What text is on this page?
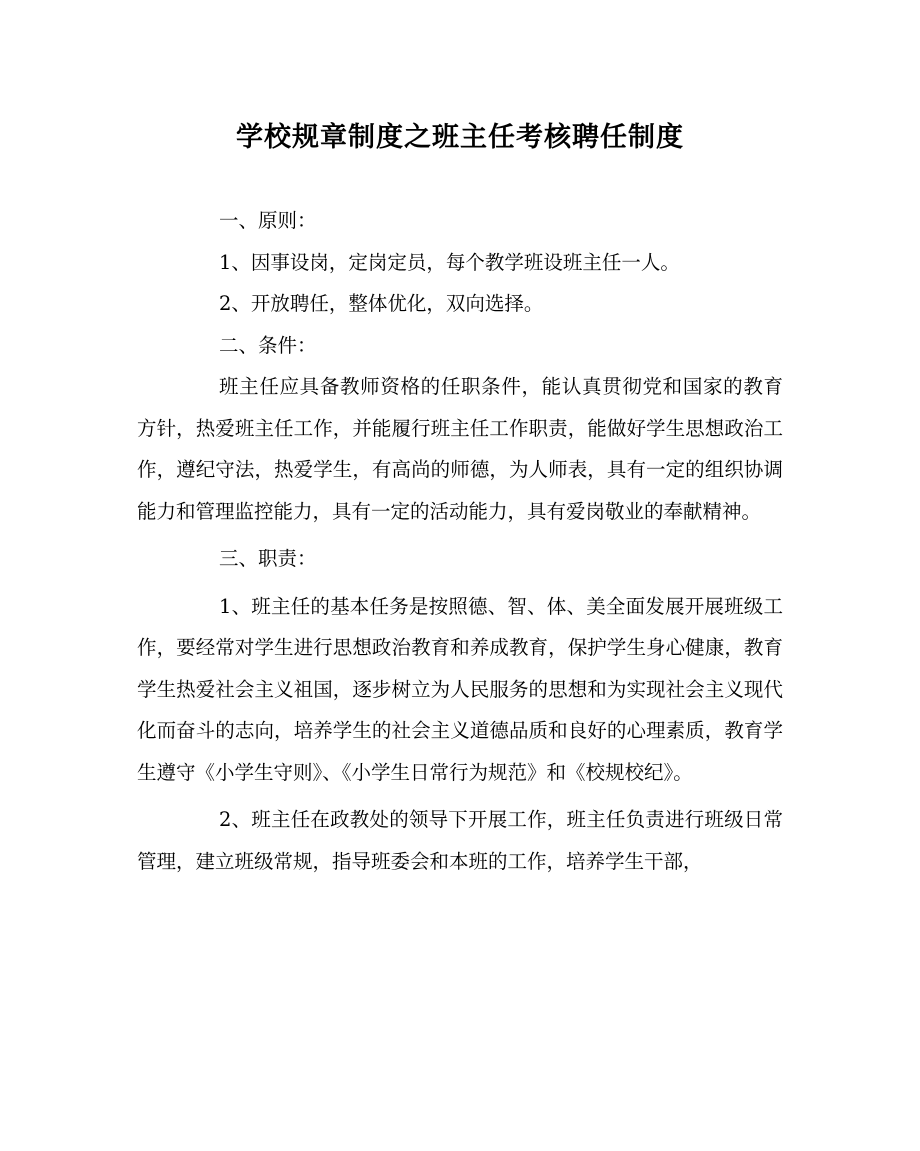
学校规章制度之班主任考核聘任制度

一、原则：

1、因事设岗，定岗定员，每个教学班设班主任一人。

2、开放聘任，整体优化，双向选择。

二、条件：

班主任应具备教师资格的任职条件，能认真贯彻党和国家的教育方针，热爱班主任工作，并能履行班主任工作职责，能做好学生思想政治工作，遵纪守法，热爱学生，有高尚的师德，为人师表，具有一定的组织协调能力和管理监控能力，具有一定的活动能力，具有爱岗敬业的奉献精神。

三、职责：

1、班主任的基本任务是按照德、智、体、美全面发展开展班级工作，要经常对学生进行思想政治教育和养成教育，保护学生身心健康，教育学生热爱社会主义祖国，逐步树立为人民服务的思想和为实现社会主义现代化而奋斗的志向，培养学生的社会主义道德品质和良好的心理素质，教育学生遵守《小学生守则》、《小学生日常行为规范》和《校规校纪》。

2、班主任在政教处的领导下开展工作，班主任负责进行班级日常管理，建立班级常规，指导班委会和本班的工作，培养学生干部，
